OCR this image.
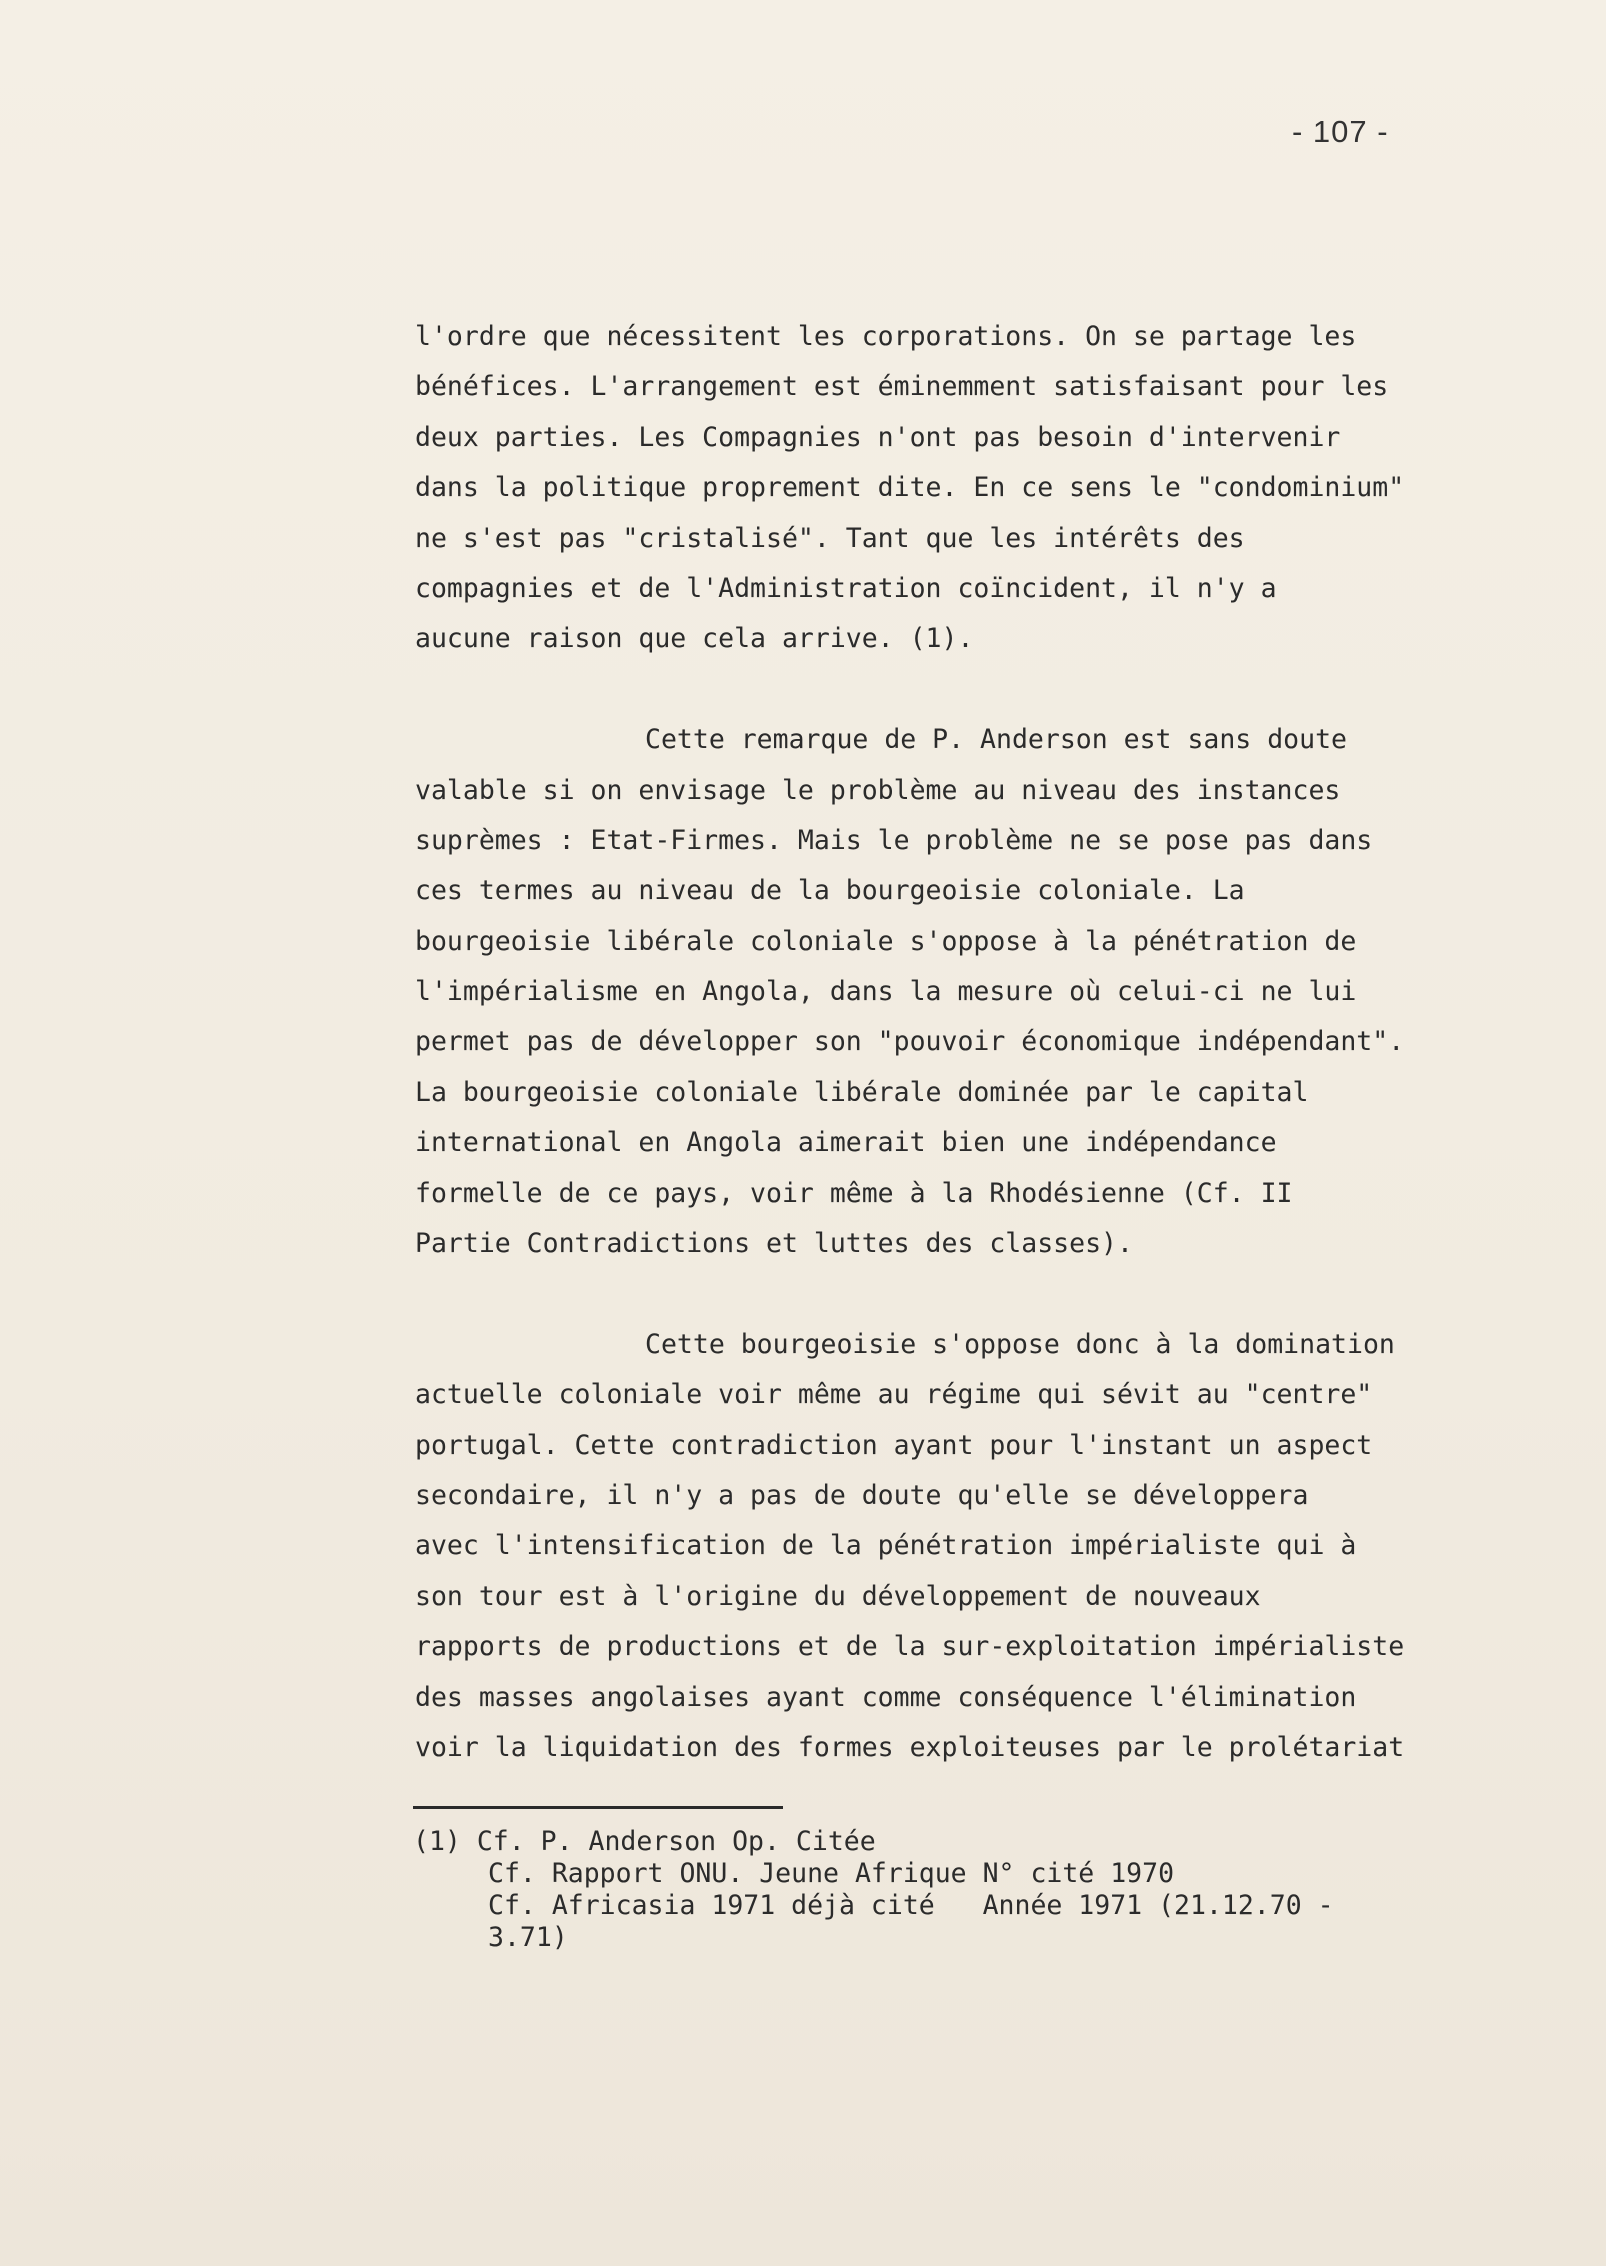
- 107 -
l'ordre que nécessitent les corporations. On se partage les
bénéfices. L'arrangement est éminemment satisfaisant pour les
deux parties. Les Compagnies n'ont pas besoin d'intervenir
dans la politique proprement dite. En ce sens le "condominium"
ne s'est pas "cristalisé". Tant que les intérêts des
compagnies et de l'Administration coïncident, il n'y a
aucune raison que cela arrive. (1).
Cette remarque de P. Anderson est sans doute
valable si on envisage le problème au niveau des instances
suprèmes : Etat-Firmes. Mais le problème ne se pose pas dans
ces termes au niveau de la bourgeoisie coloniale. La
bourgeoisie libérale coloniale s'oppose à la pénétration de
l'impérialisme en Angola, dans la mesure où celui-ci ne lui
permet pas de développer son "pouvoir économique indépendant".
La bourgeoisie coloniale libérale dominée par le capital
international en Angola aimerait bien une indépendance
formelle de ce pays, voir même à la Rhodésienne (Cf. II
Partie Contradictions et luttes des classes).
Cette bourgeoisie s'oppose donc à la domination
actuelle coloniale voir même au régime qui sévit au "centre"
portugal. Cette contradiction ayant pour l'instant un aspect
secondaire, il n'y a pas de doute qu'elle se développera
avec l'intensification de la pénétration impérialiste qui à
son tour est à l'origine du développement de nouveaux
rapports de productions et de la sur-exploitation impérialiste
des masses angolaises ayant comme conséquence l'élimination
voir la liquidation des formes exploiteuses par le prolétariat
(1) Cf. P. Anderson Op. Citée
Cf. Rapport ONU. Jeune Afrique N° cité 1970
Cf. Africasia 1971 déjà cité   Année 1971 (21.12.70 -
3.71)
